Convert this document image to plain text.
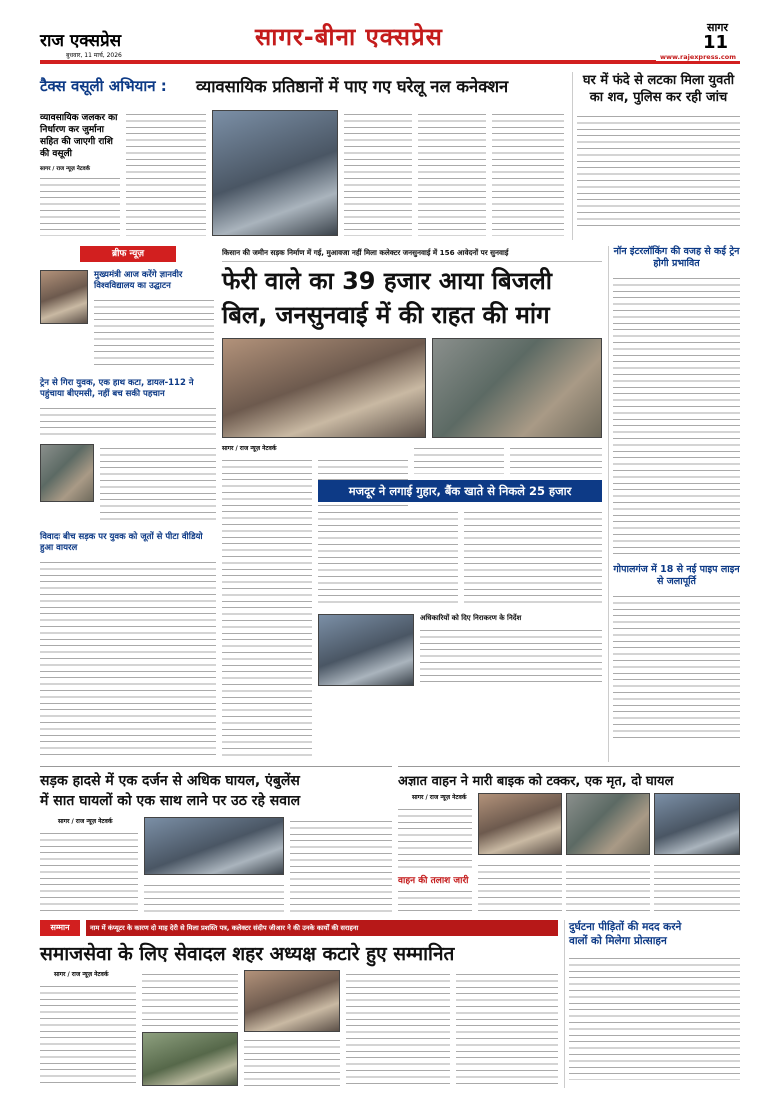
राज एक्सप्रेस
बुधवार, 11 मार्च, 2026
सागर-बीना एक्सप्रेस	सागर
11
www.rajexpress.com
टैक्स वसूली अभियान : व्यावसायिक प्रतिष्ठानों में पाए गए घरेलू नल कनेक्शन
व्यावसायिक जलकर का निर्धारण कर जुर्माना सहित की जाएगी राशि की वसूली
सागर / राज न्यूज़ नेटवर्क
घर में फंदे से लटका मिला युवती का शव, पुलिस कर रही जांच
ब्रीफ न्यूज़
मुख्यमंत्री आज करेंगे ज्ञानवीर विश्वविद्यालय का उद्घाटन
ट्रेन से गिरा युवक, एक हाथ कटा, डायल-112 ने पहुंचाया बीएमसी, नहीं बच सकी पहचान
विवादः बीच सड़क पर युवक को जूतों से पीटा वीडियो हुआ वायरल
किसान की जमीन सड़क निर्माण में गई, मुआवजा नहीं मिला कलेक्टर जनसुनवाई में 156 आवेदनों पर सुनवाई
फेरी वाले का 39 हजार आया बिजली
बिल, जनसुनवाई में की राहत की मांग
सागर / राज न्यूज़ नेटवर्क
मजदूर ने लगाई गुहार, बैंक खाते से निकले 25 हजार
अधिकारियों को दिए निराकरण के निर्देश
नॉन इंटरलॉकिंग की वजह से कई ट्रेन होगी प्रभावित
गोपालगंज में 18 से नई पाइप लाइन से जलापूर्ति
सड़क हादसे में एक दर्जन से अधिक घायल, एंबुलेंस
में सात घायलों को एक साथ लाने पर उठ रहे सवाल
सागर / राज न्यूज़ नेटवर्क
अज्ञात वाहन ने मारी बाइक को टक्कर, एक मृत, दो घायल
सागर / राज न्यूज़ नेटवर्क
वाहन की तलाश जारी
सम्मान	नाम में कंप्यूटर के कारण दो माह देरी से मिला प्रशस्ति पत्र, कलेक्टर संदीप जीआर ने की उनके कार्यों की सराहना
समाजसेवा के लिए सेवादल शहर अध्यक्ष कटारे हुए सम्मानित
सागर / राज न्यूज़ नेटवर्क
दुर्घटना पीड़ितों की मदद करने
वालों को मिलेगा प्रोत्साहन
